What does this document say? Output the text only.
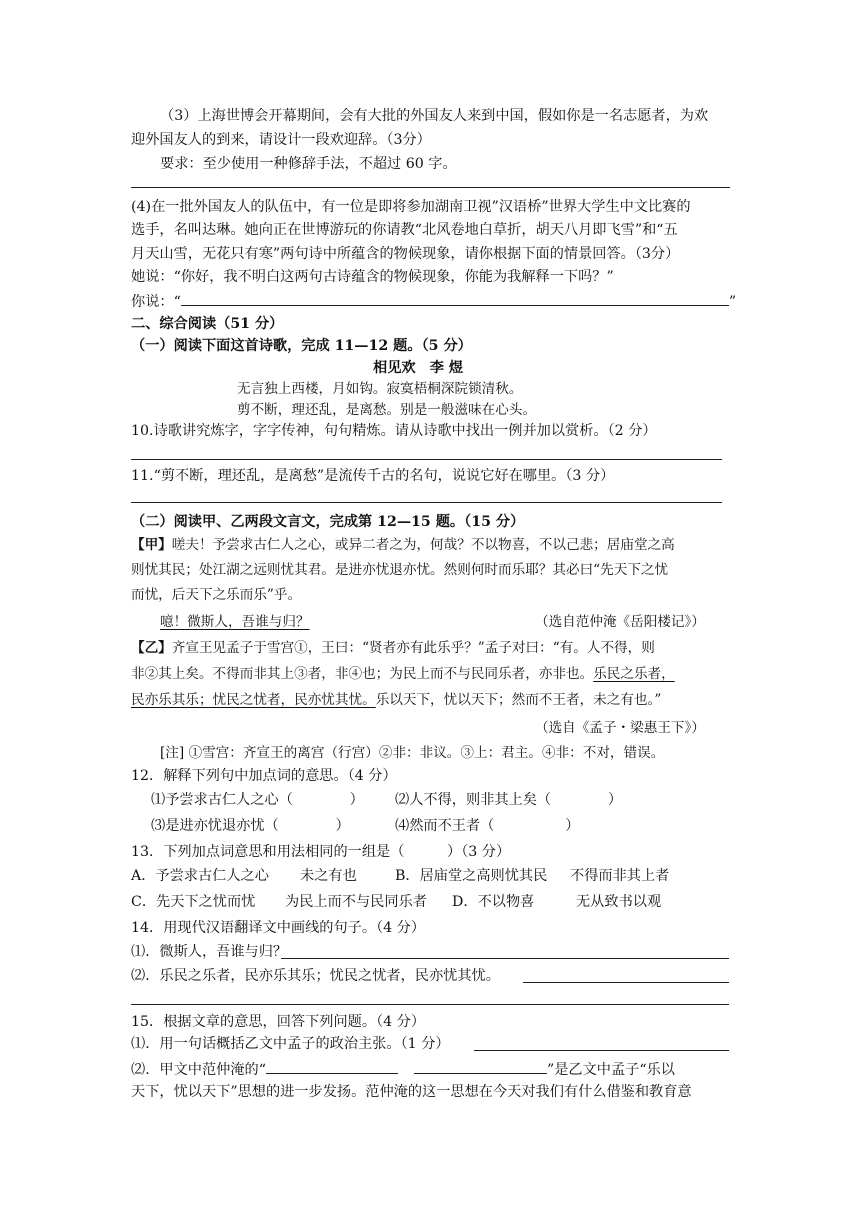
（3）上海世博会开幕期间，会有大批的外国友人来到中国，假如你是一名志愿者，为欢
迎外国友人的到来，请设计一段欢迎辞。（3分）
要求：至少使用一种修辞手法，不超过 60 字。
(4)在一批外国友人的队伍中，有一位是即将参加湖南卫视”汉语桥”世界大学生中文比赛的
选手，名叫达琳。她向正在世博游玩的你请教“北风卷地白草折，胡天八月即飞雪”和“五
月天山雪，无花只有寒”两句诗中所蕴含的物候现象，请你根据下面的情景回答。（3分）
她说：“你好，我不明白这两句古诗蕴含的物候现象，你能为我解释一下吗？”
你说：“	”
二、综合阅读（51 分）
（一）阅读下面这首诗歌，完成 11—12 题。（5 分）
相见欢　李 煜
无言独上西楼，月如钩。寂寞梧桐深院锁清秋。
剪不断，理还乱，是离愁。别是一般滋味在心头。
10.诗歌讲究炼字，字字传神，句句精炼。请从诗歌中找出一例并加以赏析。（2 分）
11.“剪不断，理还乱，是离愁”是流传千古的名句，说说它好在哪里。（3 分）
（二）阅读甲、乙两段文言文，完成第 12—15 题。（15 分）
【甲】嗟夫！予尝求古仁人之心，或异二者之为，何哉？不以物喜，不以己悲；居庙堂之高
则忧其民；处江湖之远则忧其君。是进亦忧退亦忧。然则何时而乐耶？其必曰“先天下之忧
而忧，后天下之乐而乐”乎。
噫！微斯人，吾谁与归？	（选自范仲淹《岳阳楼记》）
【乙】齐宣王见孟子于雪宫①，王曰：“贤者亦有此乐乎？”孟子对曰：“有。人不得，则
非②其上矣。不得而非其上③者，非④也；为民上而不与民同乐者，亦非也。乐民之乐者，
民亦乐其乐；忧民之忧者，民亦忧其忧。乐以天下，忧以天下；然而不王者，未之有也。”
（选自《孟子・梁惠王下》）
[注] ①雪宫：齐宣王的离宫（行宫）②非：非议。③上：君主。④非：不对，错误。
12．解释下列句中加点词的意思。（4 分）
⑴予尝求古仁人之心（　　　　） ⑵人不得，则非其上矣（　　　　）
⑶是进亦忧退亦忧（　　　　）	⑷然而不王者（　　　　　）
13．下列加点词意思和用法相同的一组是（　　　）（3 分）
A．予尝求古仁人之心 未之有也	B．居庙堂之高则忧其民 不得而非其上者
C．先天下之忧而忧 为民上而不与民同乐者 D．不以物喜	无从致书以观
14．用现代汉语翻译文中画线的句子。（4 分）
⑴．微斯人，吾谁与归？
⑵．乐民之乐者，民亦乐其乐；忧民之忧者，民亦忧其忧。
15．根据文章的意思，回答下列问题。（4 分）
⑴．用一句话概括乙文中孟子的政治主张。（1 分）
⑵．甲文中范仲淹的“	”是乙文中孟子“乐以
天下，忧以天下”思想的进一步发扬。范仲淹的这一思想在今天对我们有什么借鉴和教育意
